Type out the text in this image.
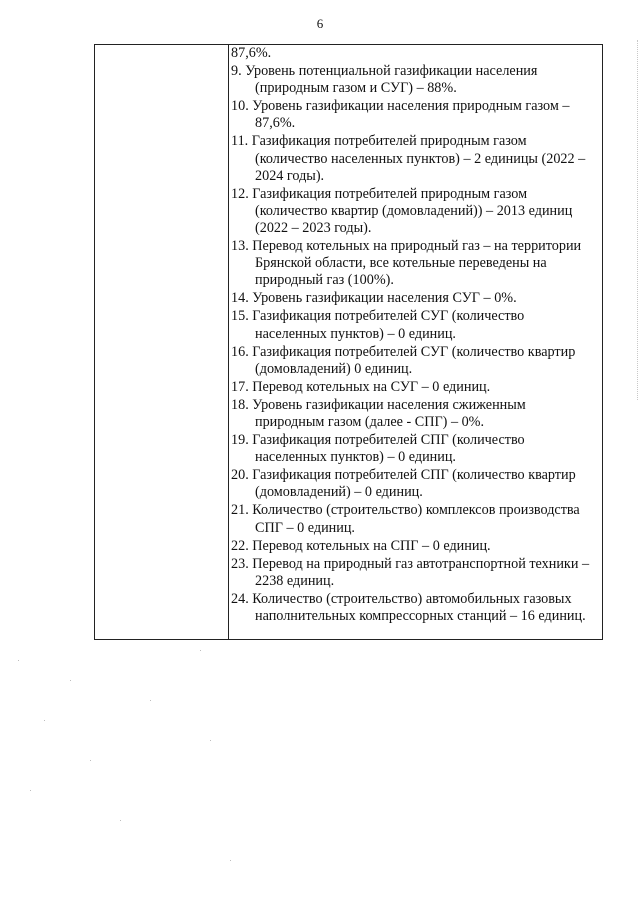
6
87,6%.
9. Уровень потенциальной газификации населения (природным газом и СУГ) – 88%.
10. Уровень газификации населения природным газом – 87,6%.
11. Газификация потребителей природным газом (количество населенных пунктов) – 2 единицы (2022 – 2024 годы).
12. Газификация потребителей природным газом (количество квартир (домовладений)) – 2013 единиц (2022 – 2023 годы).
13. Перевод котельных на природный газ – на территории Брянской области, все котельные переведены на природный газ (100%).
14. Уровень газификации населения СУГ – 0%.
15. Газификация потребителей СУГ (количество населенных пунктов) – 0 единиц.
16. Газификация потребителей СУГ (количество квартир (домовладений) 0 единиц.
17. Перевод котельных на СУГ – 0 единиц.
18. Уровень газификации населения сжиженным природным газом (далее - СПГ) – 0%.
19. Газификация потребителей СПГ (количество населенных пунктов) – 0 единиц.
20. Газификация потребителей СПГ (количество квартир (домовладений) – 0 единиц.
21. Количество (строительство) комплексов производства СПГ – 0 единиц.
22. Перевод котельных на СПГ – 0 единиц.
23. Перевод на природный газ автотранспортной техники – 2238 единиц.
24. Количество (строительство) автомобильных газовых наполнительных компрессорных станций – 16 единиц.
